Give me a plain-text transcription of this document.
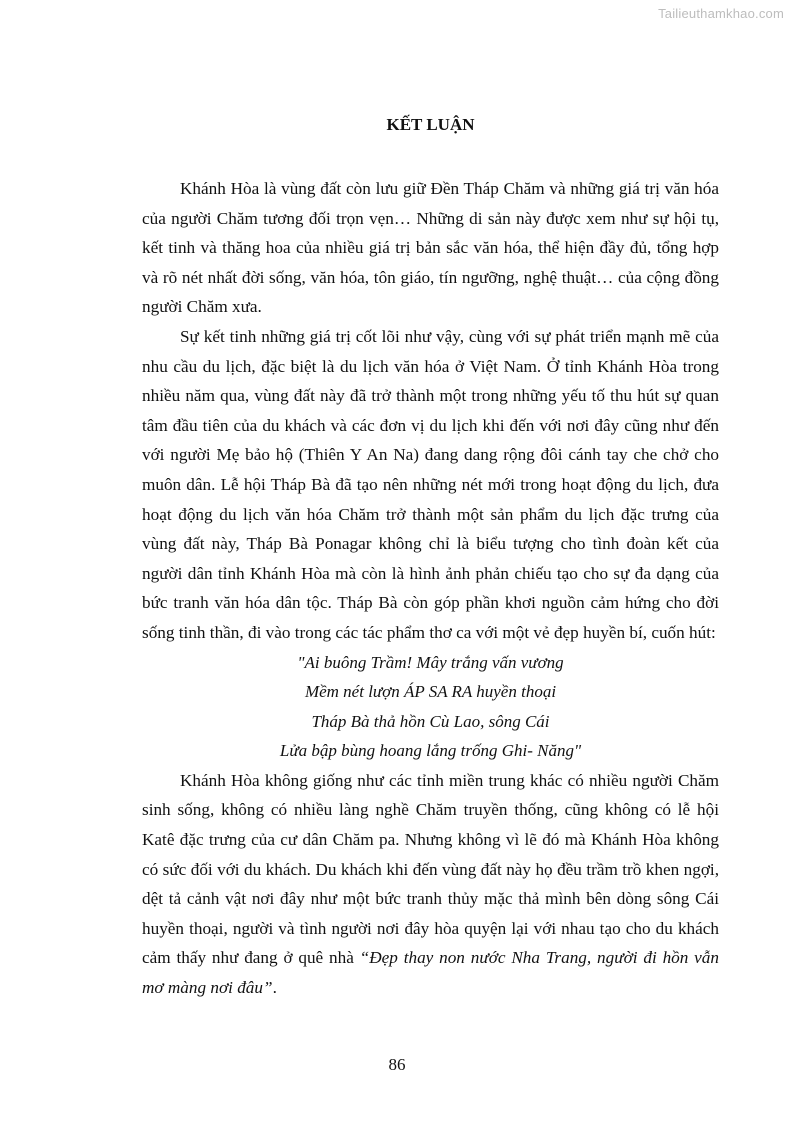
Tailieuthamkhao.com
KẾT LUẬN

Khánh Hòa là vùng đất còn lưu giữ Đền Tháp Chăm và những giá trị văn hóa của người Chăm tương đối trọn vẹn… Những di sản này được xem như sự hội tụ, kết tinh và thăng hoa của nhiều giá trị bản sắc văn hóa, thể hiện đầy đủ, tổng hợp và rõ nét nhất đời sống, văn hóa, tôn giáo, tín ngưỡng, nghệ thuật… của cộng đồng người Chăm xưa.

Sự kết tinh những giá trị cốt lõi như vậy, cùng với sự phát triển mạnh mẽ của nhu cầu du lịch, đặc biệt là du lịch văn hóa ở Việt Nam. Ở tỉnh Khánh Hòa trong nhiều năm qua, vùng đất này đã trở thành một trong những yếu tố thu hút sự quan tâm đầu tiên của du khách và các đơn vị du lịch khi đến với nơi đây cũng như đến với người Mẹ bảo hộ (Thiên Y An Na) đang dang rộng đôi cánh tay che chở cho muôn dân. Lễ hội Tháp Bà đã tạo nên những nét mới trong hoạt động du lịch, đưa hoạt động du lịch văn hóa Chăm trở thành một sản phẩm du lịch đặc trưng của vùng đất này, Tháp Bà Ponagar không chỉ là biểu tượng cho tình đoàn kết của người dân tỉnh Khánh Hòa mà còn là hình ảnh phản chiếu tạo cho sự đa dạng của bức tranh văn hóa dân tộc. Tháp Bà còn góp phần khơi nguồn cảm hứng cho đời sống tinh thần, đi vào trong các tác phẩm thơ ca với một vẻ đẹp huyền bí, cuốn hút:

"Ai buông Trầm! Mây trắng vấn vương

Mềm nét lượn ÁP SA RA huyền thoại

Tháp Bà thả hồn Cù Lao, sông Cái

Lửa bập bùng hoang lắng trống Ghi- Năng"

Khánh Hòa không giống như các tỉnh miền trung khác có nhiều người Chăm sinh sống, không có nhiều làng nghề Chăm truyền thống, cũng không có lễ hội Katê đặc trưng của cư dân Chăm pa. Nhưng không vì lẽ đó mà Khánh Hòa không có sức đối với du khách. Du khách khi đến vùng đất này họ đều trầm trồ khen ngợi, dệt tả cảnh vật nơi đây như một bức tranh thủy mặc thả mình bên dòng sông Cái huyền thoại, người và tình người nơi đây hòa quyện lại với nhau tạo cho du khách cảm thấy như đang ở quê nhà “Đẹp thay non nước Nha Trang, người đi hồn vẫn mơ màng nơi đâu”.

86
